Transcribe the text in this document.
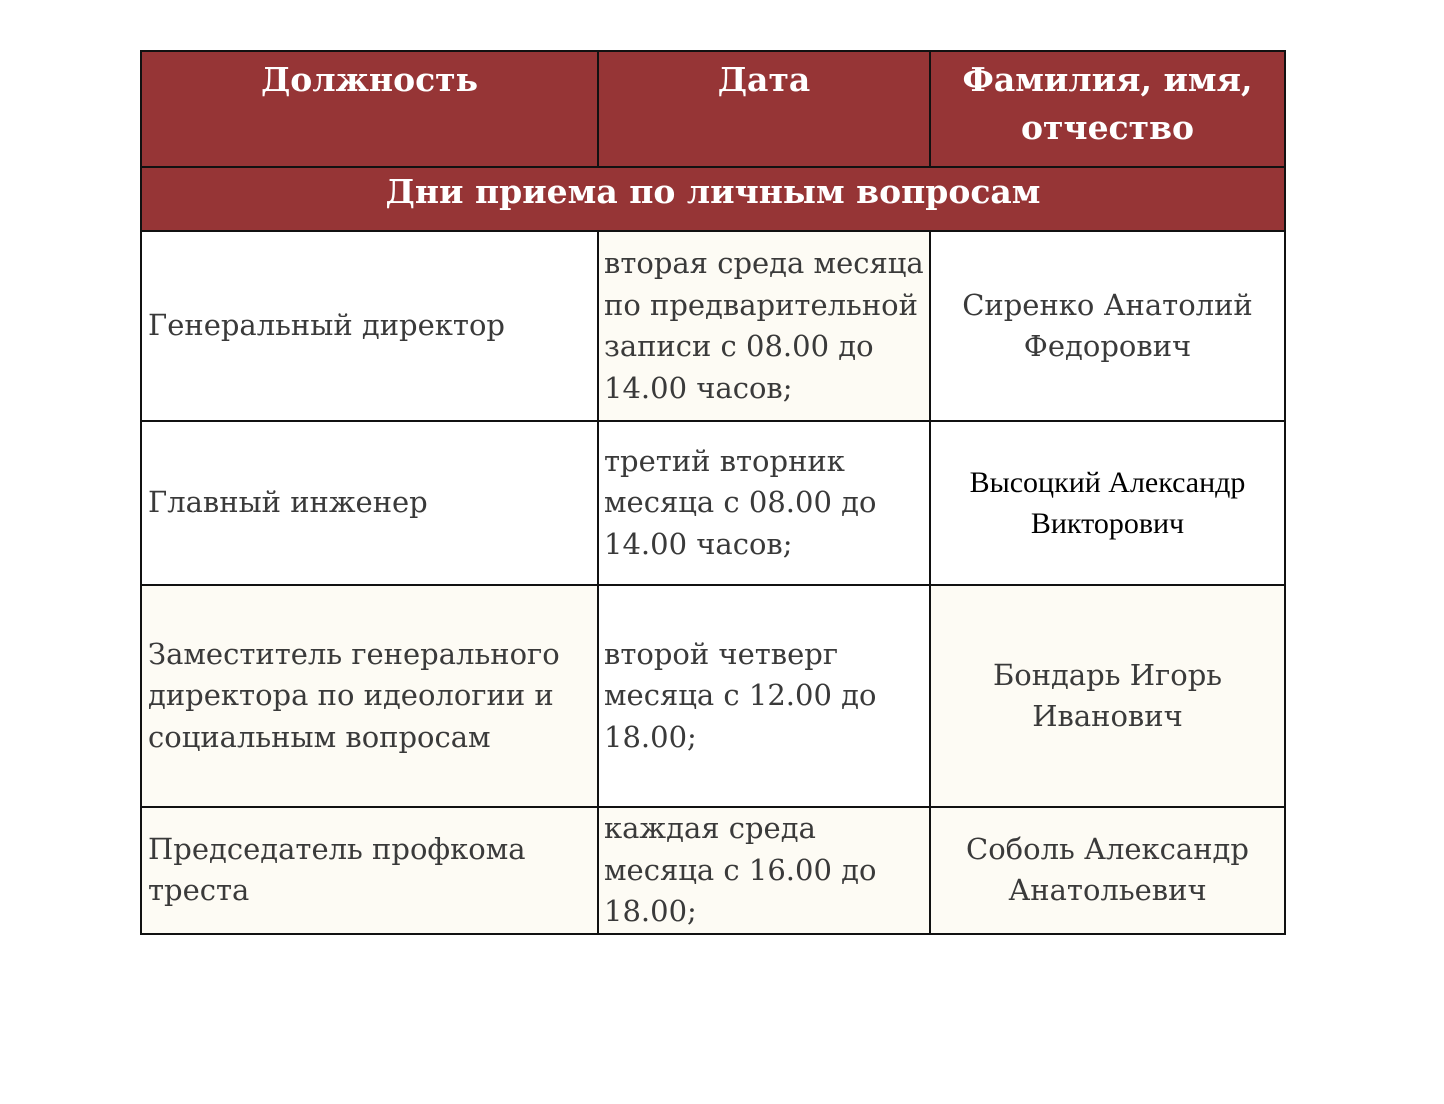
Должность	Дата	Фамилия, имя, отчество
Дни приема по личным вопросам		
Генеральный директор	вторая среда месяца по предварительной записи с 08.00 до 14.00 часов;	Сиренко Анатолий Федорович
Главный инженер	третий вторник месяца с 08.00 до 14.00 часов;	Высоцкий Александр Викторович
Заместитель генерального директора по идеологии и социальным вопросам	второй четверг месяца с 12.00 до 18.00;	Бондарь Игорь Иванович
Председатель профкома треста	каждая среда месяца с 16.00 до 18.00;	Соболь Александр Анатольевич
